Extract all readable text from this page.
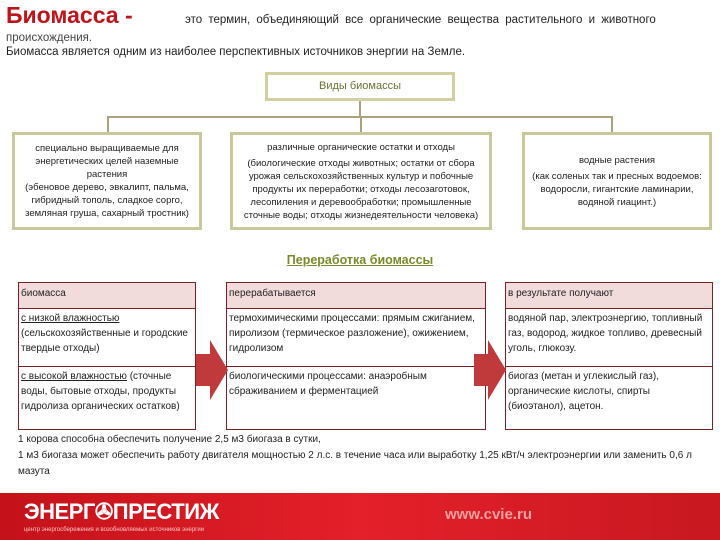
Биомасса -	это термин, объединяющий все органические вещества растительного и животного
происхождения.
Биомасса является одним из наиболее перспективных источников энергии на Земле.
Виды биомассы
специально выращиваемые для энергетических целей наземные растения
(эбеновое дерево, эвкалипт, пальма, гибридный тополь, сладкое сорго, земляная груша, сахарный тростник)
различные органические остатки и отходы
(биологические отходы животных; остатки от сбора урожая сельскохозяйственных культур и побочные продукты их переработки; отходы лесозаготовок, лесопиления и деревообработки; промышленные сточные воды; отходы жизнедеятельности человека)
водные растения
(как соленых так и пресных водоемов: водоросли, гигантские ламинарии, водяной гиацинт.)
Переработка биомассы
биомасса
с низкой влажностью (сельскохозяйственные и городские твердые отходы)
с высокой влажностью (сточные воды, бытовые отходы, продукты гидролиза органических остатков)
перерабатывается
термохимическими процессами: прямым сжиганием, пиролизом (термическое разложение), ожижением, гидролизом
биологическими процессами: анаэробным сбраживанием и ферментацией
в результате получают
водяной пар, электроэнергию, топливный газ, водород, жидкое топливо, древесный уголь, глюкозу.
биогаз (метан и углекислый газ), органические кислоты, спирты (биоэтанол), ацетон.
1 корова способна обеспечить получение 2,5 м3 биогаза в сутки,
1 м3 биогаза может обеспечить работу двигателя мощностью 2 л.с. в течение часа или выработку 1,25 кВт/ч электроэнергии или заменить 0,6 л мазута
ЭНЕРГ✇ПРЕСТИЖ
центр энергосбережения и возобновляемых источников энергии
www.cvie.ru
